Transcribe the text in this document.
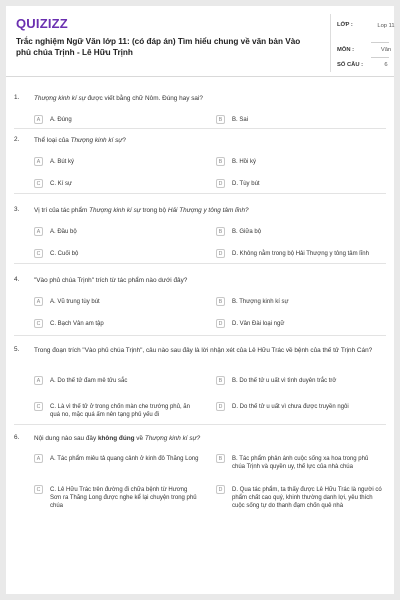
QUIZIZZ
Trắc nghiệm Ngữ Văn lớp 11: (có đáp án) Tìm hiểu chung về văn bản Vào phủ chúa Trịnh - Lê Hữu Trịnh
LỚP :	Lop 11
MÔN :	Văn
SỐ CÂU :	6
1. Thượng kinh kí sự được viết bằng chữ Nôm. Đúng hay sai?
A	A. Đúng	B	B. Sai
2. Thể loại của Thượng kinh kí sự?
A	A. Bút ký	B	B. Hồi ký
C	C. Kí sự	D	D. Tùy bút
3. Vị trí của tác phẩm Thượng kinh kí sự trong bộ Hải Thượng y tông tâm lĩnh?
A	A. Đầu bộ	B	B. Giữa bộ
C	C. Cuối bộ	D	D. Không nằm trong bộ Hải Thượng y tông tâm lĩnh
4. "Vào phủ chúa Trịnh" trích từ tác phẩm nào dưới đây?
A	A. Vũ trung tùy bút	B	B. Thượng kinh kí sự
C	C. Bạch Vân am tập	D	D. Vân Đài loại ngữ
5. Trong đoạn trích "Vào phủ chúa Trịnh", câu nào sau đây là lời nhận xét của Lê Hữu Trác về bệnh của thế tử Trịnh Cán?
A	A. Do thế tử đam mê tửu sắc	B	B. Do thế tử u uất vì tình duyên trắc trở
C	C. Là vì thế tử ở trong chốn màn che trướng phủ, ăn quá no, mặc quá ấm nên tạng phủ yếu đi
D	D. Do thế tử u uất vì chưa được truyền ngôi
6. Nội dung nào sau đây không đúng về Thượng kinh kí sự?
A	A. Tác phẩm miêu tả quang cảnh ở kinh đô Thăng Long	B	B. Tác phẩm phản ánh cuộc sống xa hoa trong phủ chúa Trịnh và quyền uy, thế lực của nhà chúa
C	C. Lê Hữu Trác trên đường đi chữa bệnh từ Hương Sơn ra Thăng Long được nghe kể lại chuyện trong phủ chúa
D	D. Qua tác phẩm, ta thấy được Lê Hữu Trác là người có phẩm chất cao quý, khinh thường danh lợi, yêu thích cuộc sống tự do thanh đạm chốn quê nhà
